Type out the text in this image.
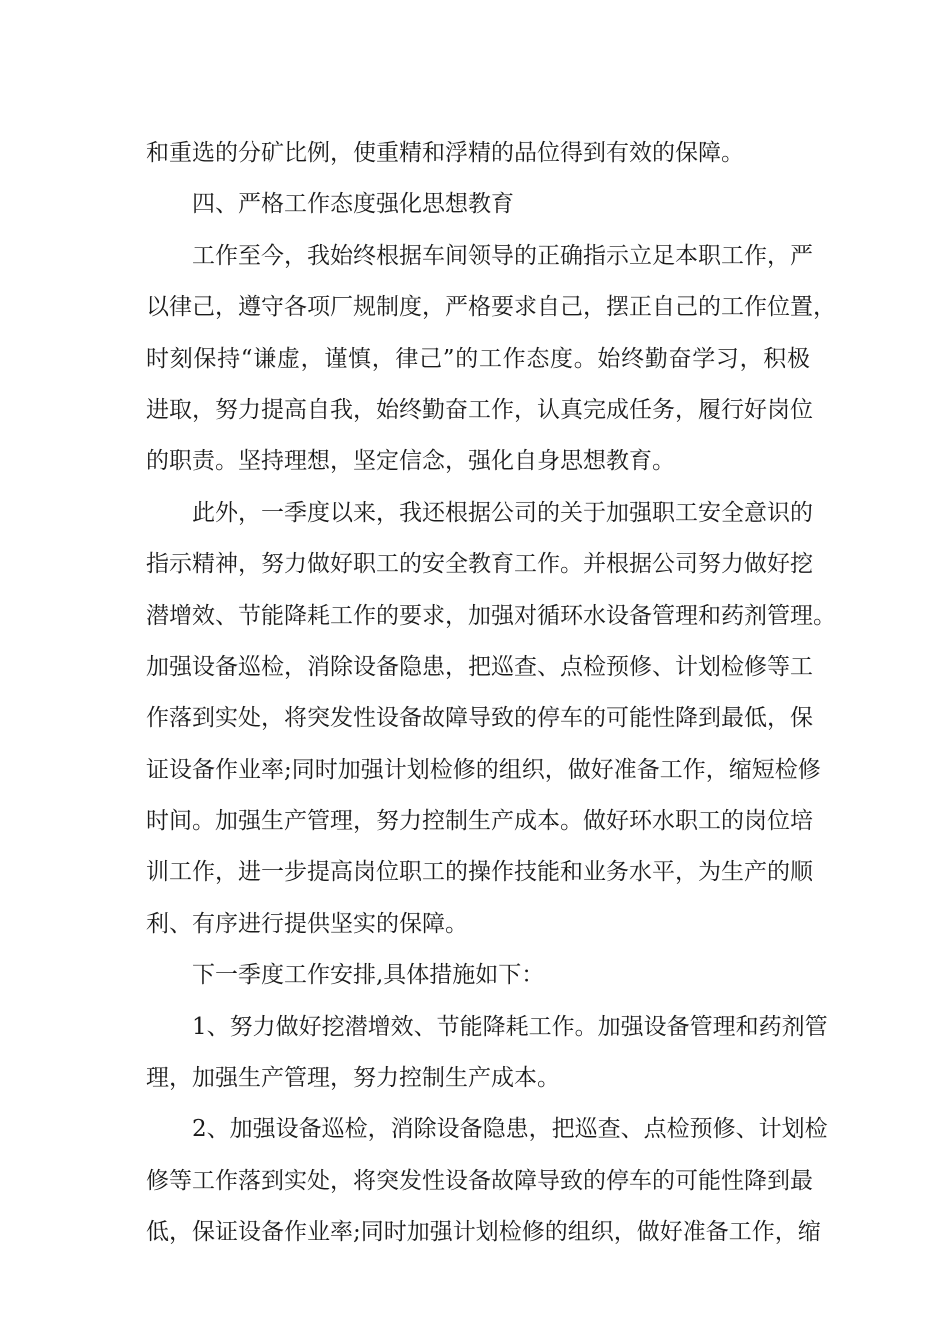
和重选的分矿比例，使重精和浮精的品位得到有效的保障。
四、严格工作态度强化思想教育
工作至今，我始终根据车间领导的正确指示立足本职工作，严
以律己，遵守各项厂规制度，严格要求自己，摆正自己的工作位置，
时刻保持“谦虚，谨慎，律己”的工作态度。始终勤奋学习，积极
进取，努力提高自我，始终勤奋工作，认真完成任务，履行好岗位
的职责。坚持理想，坚定信念，强化自身思想教育。
此外，一季度以来，我还根据公司的关于加强职工安全意识的
指示精神，努力做好职工的安全教育工作。并根据公司努力做好挖
潜增效、节能降耗工作的要求，加强对循环水设备管理和药剂管理。
加强设备巡检，消除设备隐患，把巡查、点检预修、计划检修等工
作落到实处，将突发性设备故障导致的停车的可能性降到最低，保
证设备作业率;同时加强计划检修的组织，做好准备工作，缩短检修
时间。加强生产管理，努力控制生产成本。做好环水职工的岗位培
训工作，进一步提高岗位职工的操作技能和业务水平，为生产的顺
利、有序进行提供坚实的保障。
下一季度工作安排,具体措施如下：
1、努力做好挖潜增效、节能降耗工作。加强设备管理和药剂管
理，加强生产管理，努力控制生产成本。
2、加强设备巡检，消除设备隐患，把巡查、点检预修、计划检
修等工作落到实处，将突发性设备故障导致的停车的可能性降到最
低，保证设备作业率;同时加强计划检修的组织，做好准备工作，缩
